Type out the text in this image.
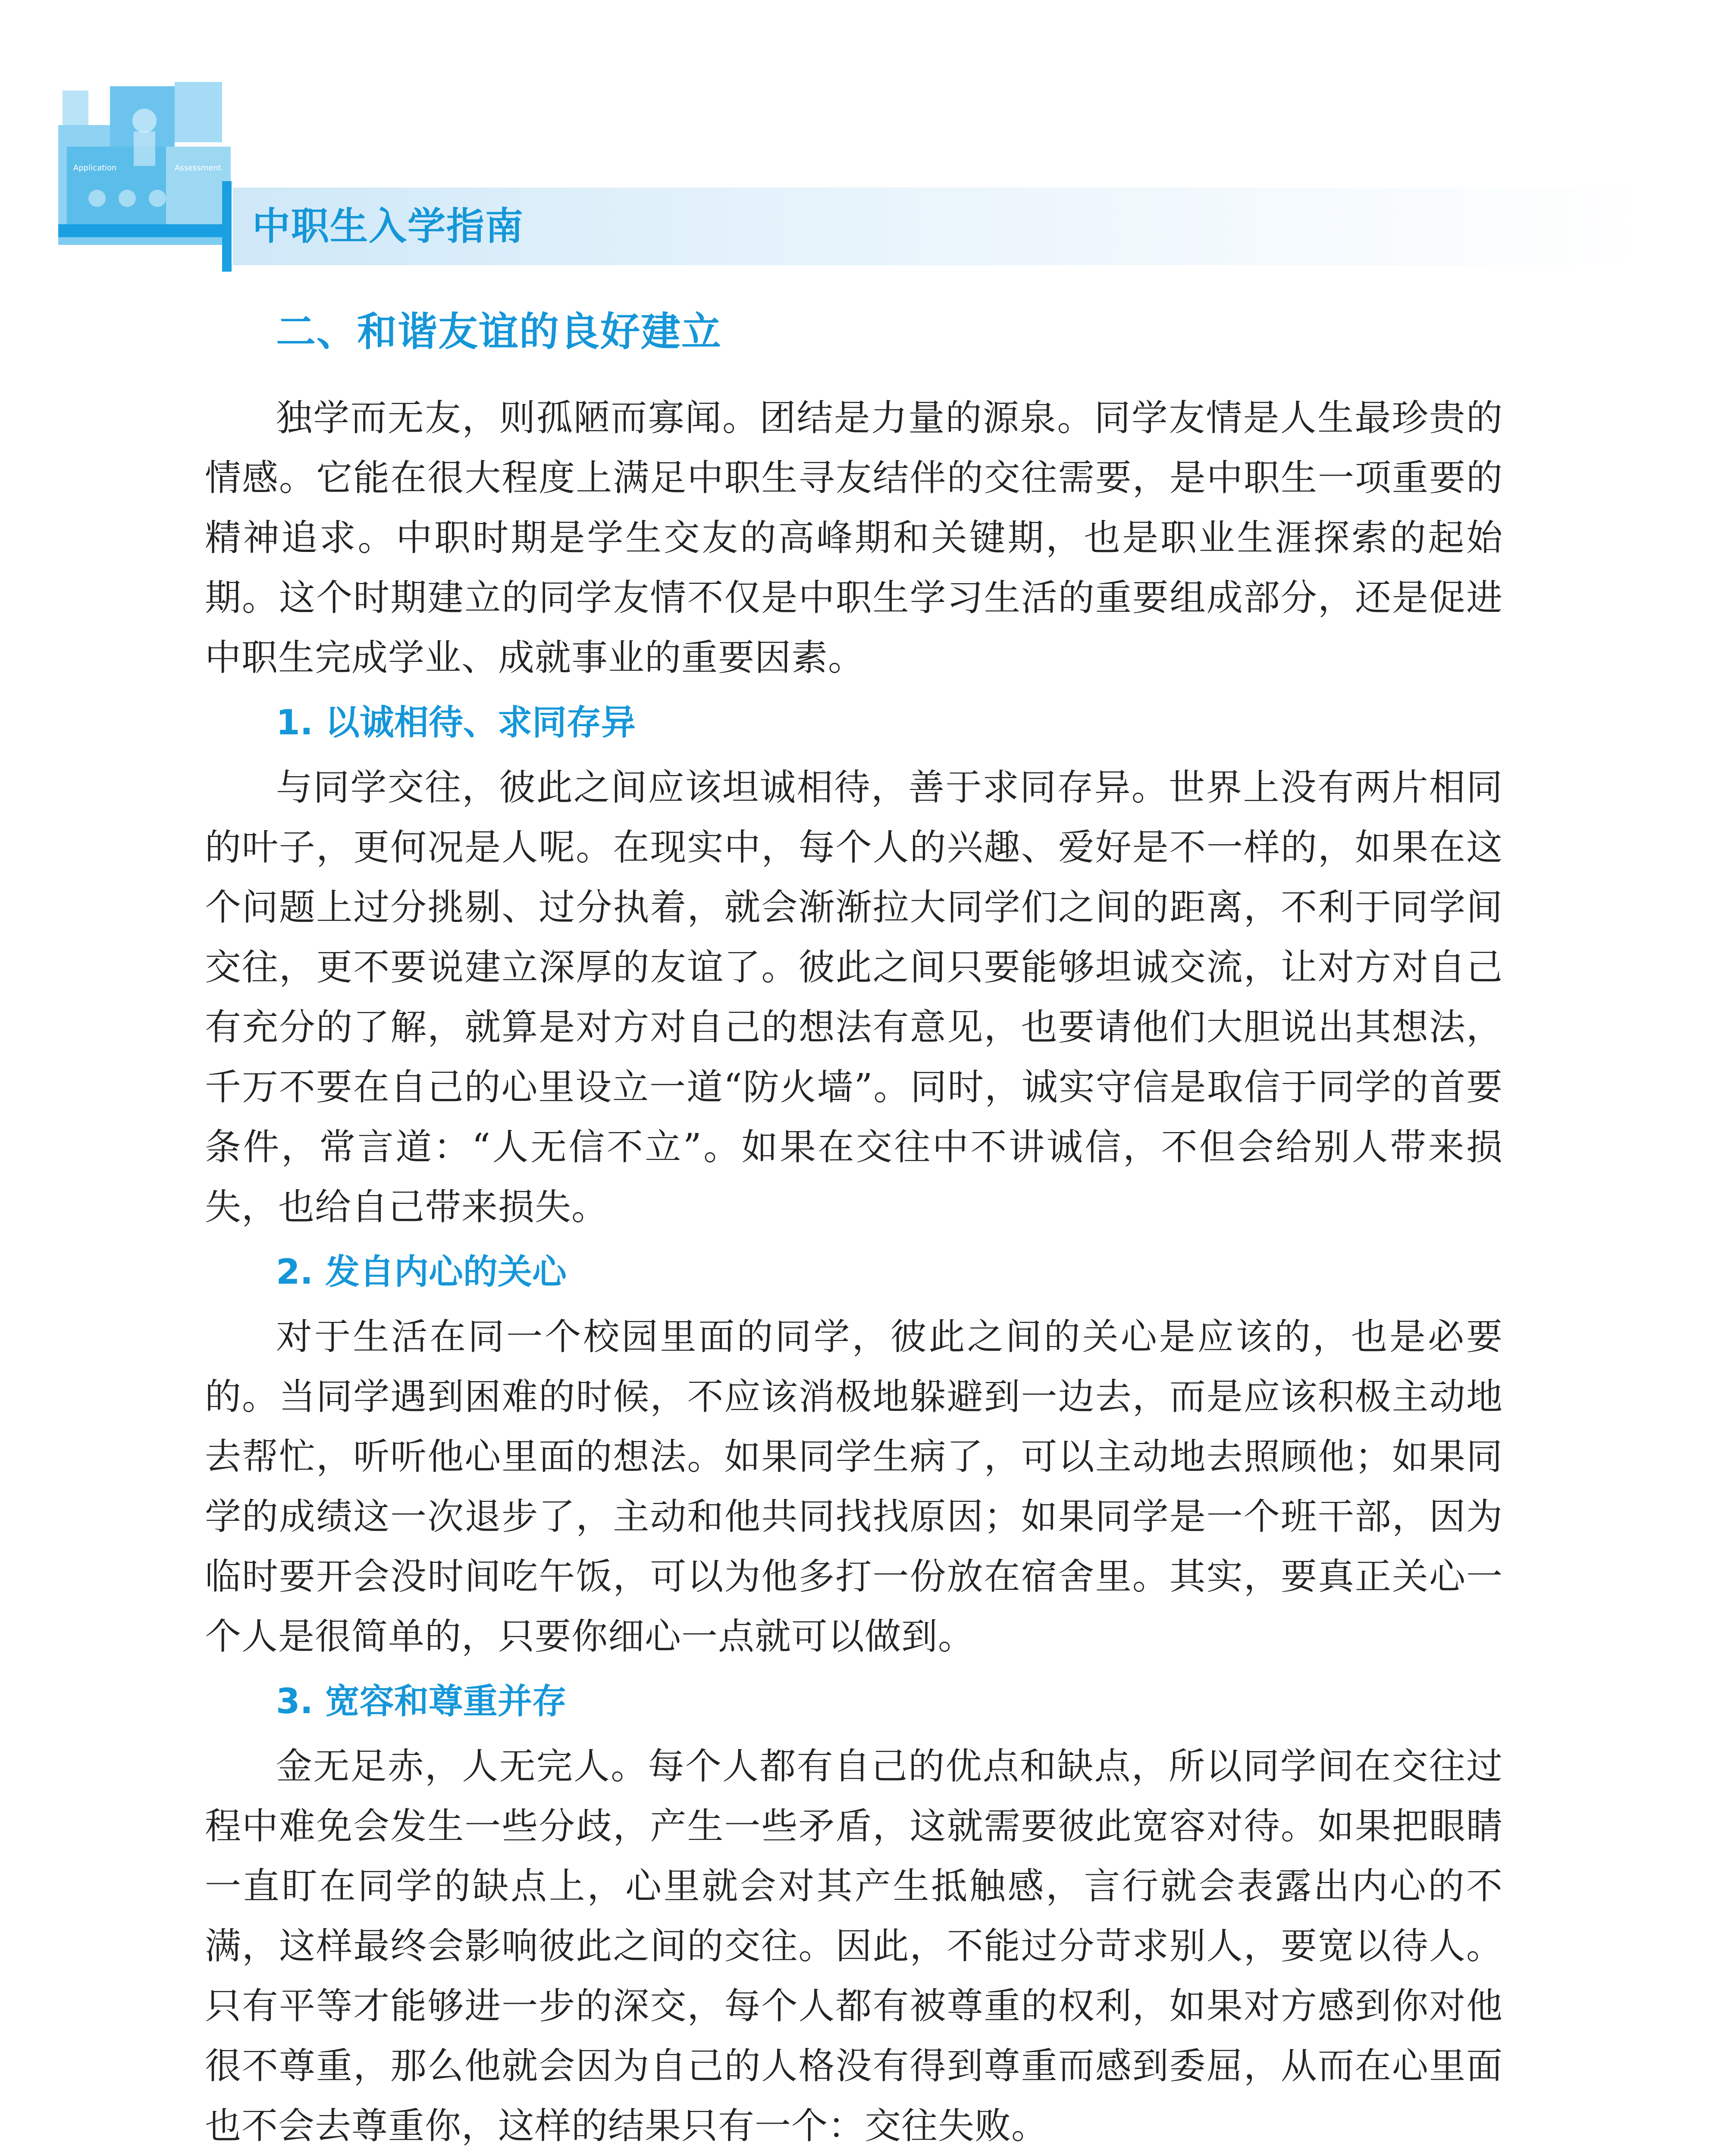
Application	Assessment
中职生入学指南
二、和谐友谊的良好建立

独学而无友，则孤陋而寡闻。团结是力量的源泉。同学友情是人生最珍贵的情感。它能在很大程度上满足中职生寻友结伴的交往需要，是中职生一项重要的精神追求。中职时期是学生交友的高峰期和关键期，也是职业生涯探索的起始期。这个时期建立的同学友情不仅是中职生学习生活的重要组成部分，还是促进中职生完成学业、成就事业的重要因素。

1. 以诚相待、求同存异

与同学交往，彼此之间应该坦诚相待，善于求同存异。世界上没有两片相同的叶子，更何况是人呢。在现实中，每个人的兴趣、爱好是不一样的，如果在这个问题上过分挑剔、过分执着，就会渐渐拉大同学们之间的距离，不利于同学间交往，更不要说建立深厚的友谊了。彼此之间只要能够坦诚交流，让对方对自己有充分的了解，就算是对方对自己的想法有意见，也要请他们大胆说出其想法，千万不要在自己的心里设立一道“防火墙”。同时，诚实守信是取信于同学的首要条件，常言道：“人无信不立”。如果在交往中不讲诚信，不但会给别人带来损失，也给自己带来损失。

2. 发自内心的关心

对于生活在同一个校园里面的同学，彼此之间的关心是应该的，也是必要的。当同学遇到困难的时候，不应该消极地躲避到一边去，而是应该积极主动地去帮忙，听听他心里面的想法。如果同学生病了，可以主动地去照顾他；如果同学的成绩这一次退步了，主动和他共同找找原因；如果同学是一个班干部，因为临时要开会没时间吃午饭，可以为他多打一份放在宿舍里。其实，要真正关心一个人是很简单的，只要你细心一点就可以做到。

3. 宽容和尊重并存

金无足赤，人无完人。每个人都有自己的优点和缺点，所以同学间在交往过程中难免会发生一些分歧，产生一些矛盾，这就需要彼此宽容对待。如果把眼睛一直盯在同学的缺点上，心里就会对其产生抵触感，言行就会表露出内心的不满，这样最终会影响彼此之间的交往。因此，不能过分苛求别人，要宽以待人。只有平等才能够进一步的深交，每个人都有被尊重的权利，如果对方感到你对他很不尊重，那么他就会因为自己的人格没有得到尊重而感到委屈，从而在心里面也不会去尊重你，这样的结果只有一个：交往失败。
